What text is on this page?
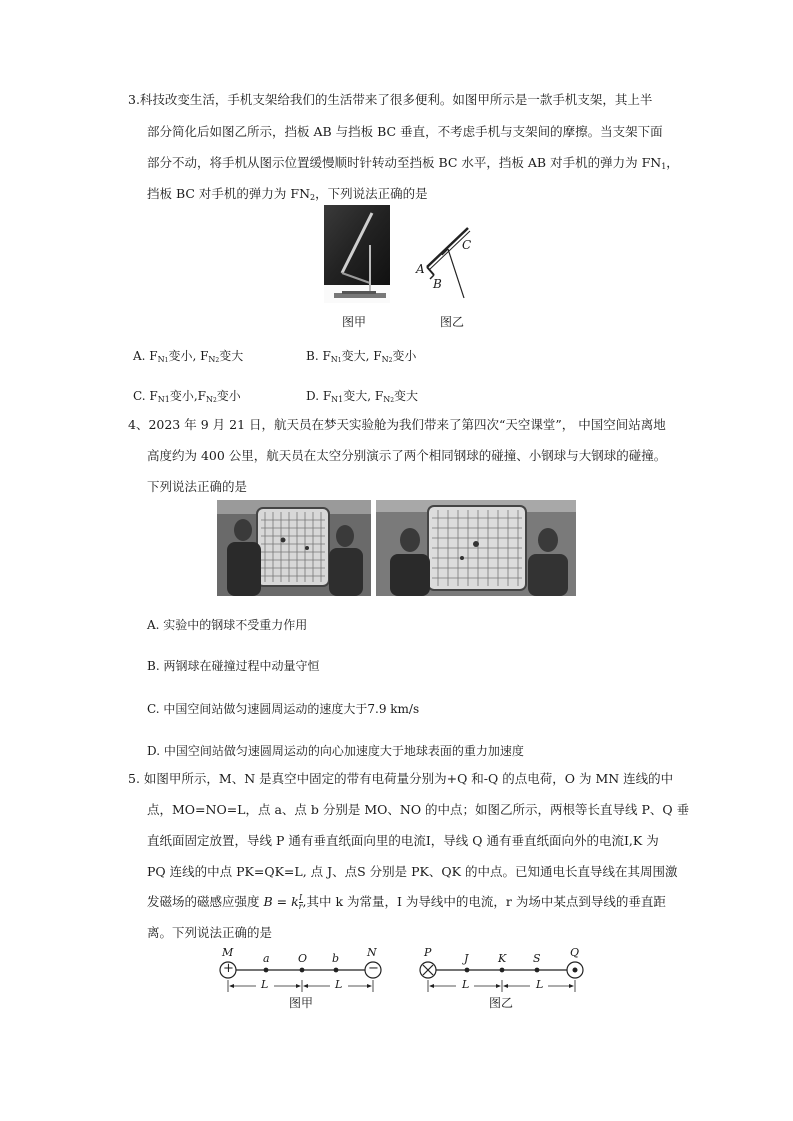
3.科技改变生活，手机支架给我们的生活带来了很多便利。如图甲所示是一款手机支架，其上半
部分简化后如图乙所示，挡板 AB 与挡板 BC 垂直，不考虑手机与支架间的摩擦。当支架下面
部分不动，将手机从图示位置缓慢顺时针转动至挡板 BC 水平，挡板 AB 对手机的弹力为 $FN_1$，
挡板 BC 对手机的弹力为 $FN_2$，下列说法正确的是
图甲
A
B
C
图乙
A. $F_{N1}$变小, $F_{N2}$变大	B. $F_{N1}$变大, $F_{N2}$变小
C. $F_{N1}$变小$,F_{N2}$变小	D. $F_{N1}$变大, $F_{N2}$变大
4、2023 年 9 月 21 日，航天员在梦天实验舱为我们带来了第四次“天空课堂”， 中国空间站离地
高度约为 400 公里，航天员在太空分别演示了两个相同钢球的碰撞、小钢球与大钢球的碰撞。
下列说法正确的是
A. 实验中的钢球不受重力作用
B. 两钢球在碰撞过程中动量守恒
C. 中国空间站做匀速圆周运动的速度大于7.9 km/s
D. 中国空间站做匀速圆周运动的向心加速度大于地球表面的重力加速度
5. 如图甲所示，M、N 是真空中固定的带有电荷量分别为+Q 和-Q 的点电荷，O 为 MN 连线的中
点，MO=NO=L，点 a、点 b 分别是 MO、NO 的中点；如图乙所示，两根等长直导线 P、Q 垂
直纸面固定放置，导线 P 通有垂直纸面向里的电流I，导线 Q 通有垂直纸面向外的电流I,K 为
PQ 连线的中点 PK=QK=L, 点 J、点S 分别是 PK、QK 的中点。已知通电长直导线在其周围激
发磁场的磁感应强度 B = k $\frac{I}{r}$ ,其中 k 为常量，I 为导线中的电流，r 为场中某点到导线的垂直距
离。下列说法正确的是
+	−
M	a	O b	N
L	L
图甲
P	J	K S	Q
L	L
图乙
